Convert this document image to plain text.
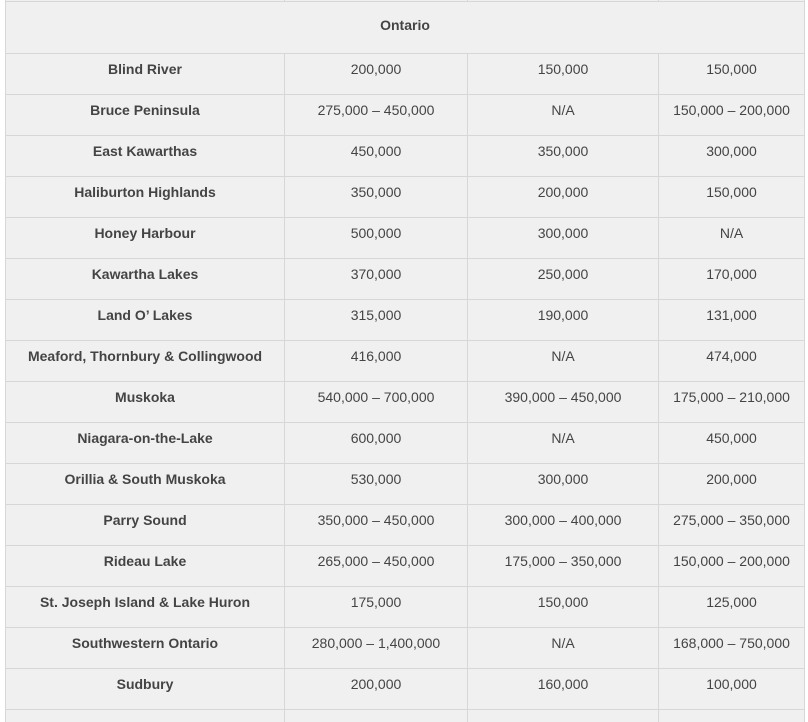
Ontario			
Blind River	200,000	150,000	150,000
Bruce Peninsula	275,000 – 450,000	N/A	150,000 – 200,000
East Kawarthas	450,000	350,000	300,000
Haliburton Highlands	350,000	200,000	150,000
Honey Harbour	500,000	300,000	N/A
Kawartha Lakes	370,000	250,000	170,000
Land O’ Lakes	315,000	190,000	131,000
Meaford, Thornbury & Collingwood	416,000	N/A	474,000
Muskoka	540,000 – 700,000	390,000 – 450,000	175,000 – 210,000
Niagara-on-the-Lake	600,000	N/A	450,000
Orillia & South Muskoka	530,000	300,000	200,000
Parry Sound	350,000 – 450,000	300,000 – 400,000	275,000 – 350,000
Rideau Lake	265,000 – 450,000	175,000 – 350,000	150,000 – 200,000
St. Joseph Island & Lake Huron	175,000	150,000	125,000
Southwestern Ontario	280,000 – 1,400,000	N/A	168,000 – 750,000
Sudbury	200,000	160,000	100,000
